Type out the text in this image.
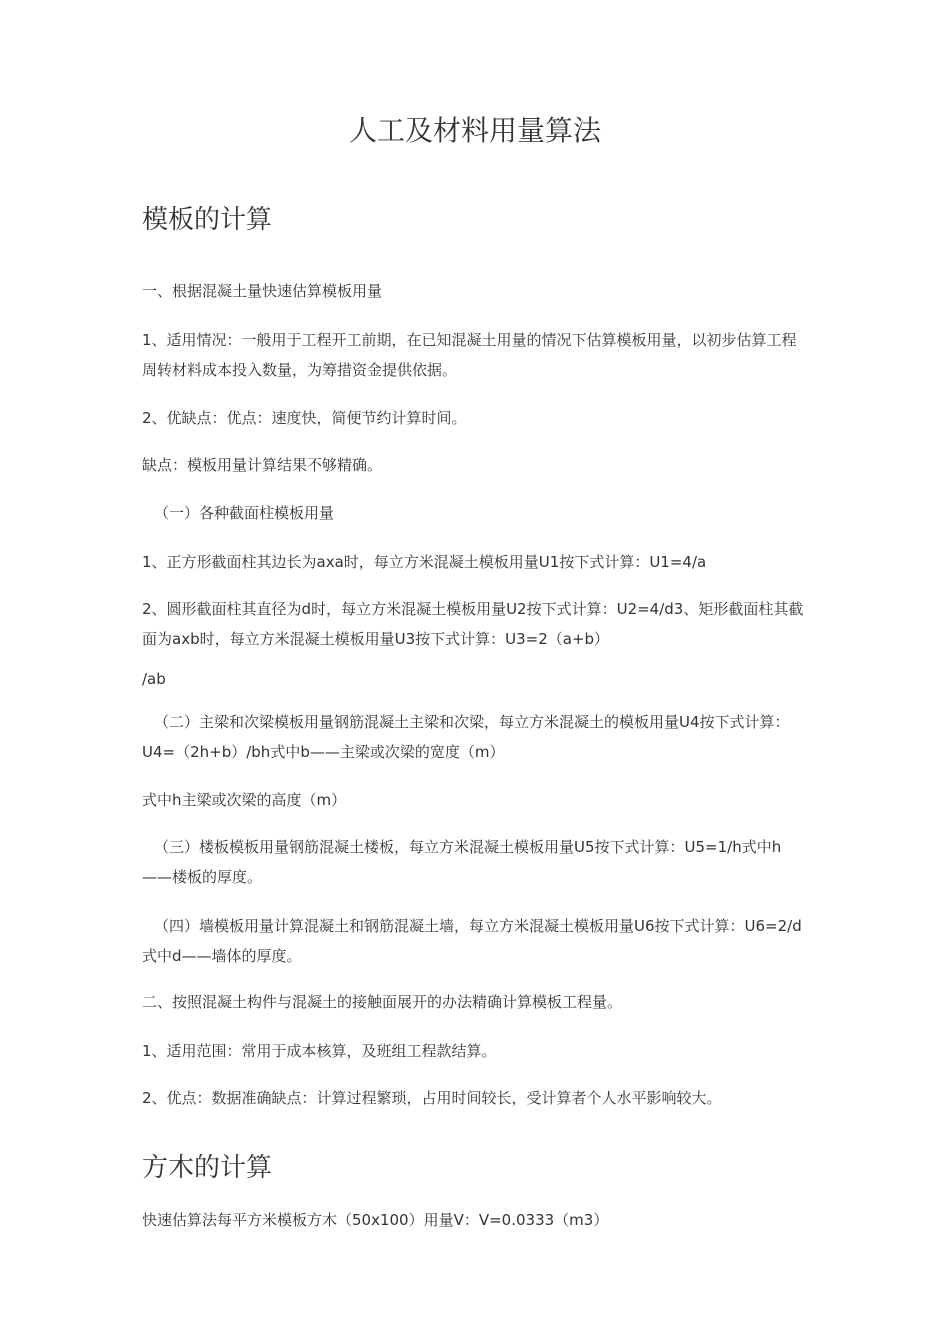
人工及材料用量算法
模板的计算
一、根据混凝土量快速估算模板用量
1、适用情况：一般用于工程开工前期，在已知混凝土用量的情况下估算模板用量，以初步估算工程周转材料成本投入数量，为筹措资金提供依据。
2、优缺点：优点：速度快，简便节约计算时间。
缺点：模板用量计算结果不够精确。
（一）各种截面柱模板用量
1、正方形截面柱其边长为axa时，每立方米混凝土模板用量U1按下式计算：U1=4/a
2、圆形截面柱其直径为d时，每立方米混凝土模板用量U2按下式计算：U2=4/d3、矩形截面柱其截面为axb时，每立方米混凝土模板用量U3按下式计算：U3=2（a+b）
/ab
（二）主梁和次梁模板用量钢筋混凝土主梁和次梁，每立方米混凝土的模板用量U4按下式计算：U4=（2h+b）/bh式中b——主梁或次梁的宽度（m）
式中h主梁或次梁的高度（m）
（三）楼板模板用量钢筋混凝土楼板，每立方米混凝土模板用量U5按下式计算：U5=1/h式中h——楼板的厚度。
（四）墙模板用量计算混凝土和钢筋混凝土墙，每立方米混凝土模板用量U6按下式计算：U6=2/d式中d——墙体的厚度。
二、按照混凝土构件与混凝土的接触面展开的办法精确计算模板工程量。
1、适用范围：常用于成本核算，及班组工程款结算。
2、优点：数据准确缺点：计算过程繁琐，占用时间较长，受计算者个人水平影响较大。
方木的计算
快速估算法每平方米模板方木（50x100）用量V：V=0.0333（m3）
